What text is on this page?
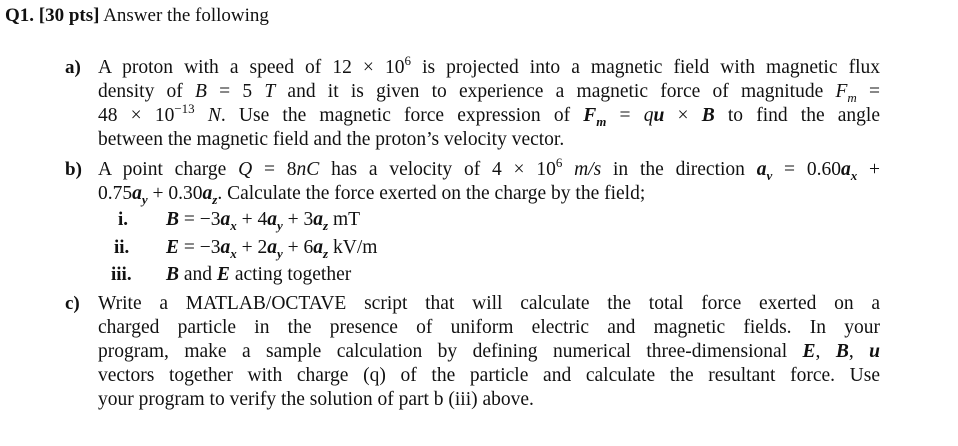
Q1. [30 pts] Answer the following
a) A proton with a speed of $12 \times 10^6$ is projected into a magnetic field with magnetic flux
density of B = 5 T and it is given to experience a magnetic force of magnitude $F_m$ =
$48 \times 10^{-13}$ N. Use the magnetic force expression of $F_m$ = qu × B to find the angle
between the magnetic field and the proton’s velocity vector.
b) A point charge Q = 8nC has a velocity of $4 \times 10^6$ m/s in the direction $a_v = 0.60a_x$ +
$0.75a_y + 0.30a_z$. Calculate the force exerted on the charge by the field;
i. $B = -3a_x + 4a_y + 3a_z$ mT
ii. $E = -3a_x + 2a_y + 6a_z$ kV/m
iii. B and E acting together
c) Write a MATLAB/OCTAVE script that will calculate the total force exerted on a
charged particle in the presence of uniform electric and magnetic fields. In your
program, make a sample calculation by defining numerical three-dimensional E, B, u
vectors together with charge (q) of the particle and calculate the resultant force. Use
your program to verify the solution of part b (iii) above.
